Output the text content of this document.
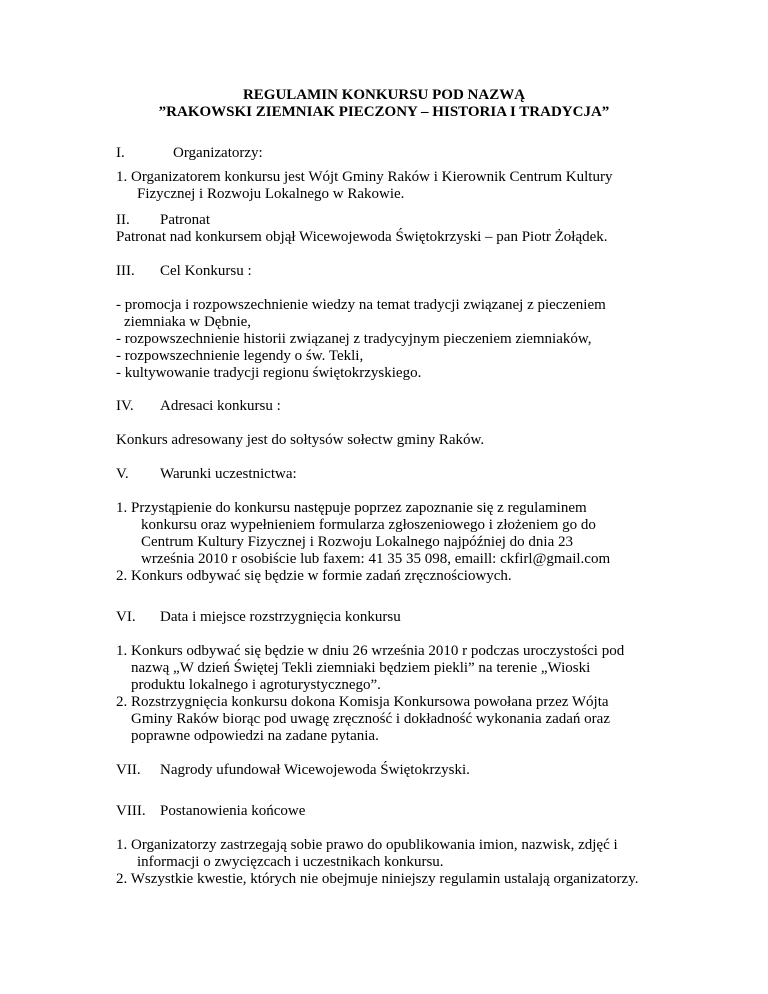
REGULAMIN KONKURSU POD NAZWĄ
”RAKOWSKI ZIEMNIAK PIECZONY – HISTORIA I TRADYCJA”
I.	Organizatorzy:
1. Organizatorem konkursu jest Wójt Gminy Raków i Kierownik Centrum Kultury
Fizycznej i Rozwoju Lokalnego w Rakowie.
II. Patronat
Patronat nad konkursem objął Wicewojewoda Świętokrzyski – pan Piotr Żołądek.
III. Cel Konkursu :
- promocja i rozpowszechnienie wiedzy na temat tradycji związanej z pieczeniem
ziemniaka w Dębnie,
- rozpowszechnienie historii związanej z tradycyjnym pieczeniem ziemniaków,
- rozpowszechnienie legendy o św. Tekli,
- kultywowanie tradycji regionu świętokrzyskiego.
IV. Adresaci konkursu :
Konkurs adresowany jest do sołtysów sołectw gminy Raków.
V. Warunki uczestnictwa:
1. Przystąpienie do konkursu następuje poprzez zapoznanie się z regulaminem
konkursu oraz wypełnieniem formularza zgłoszeniowego i złożeniem go do
Centrum Kultury Fizycznej i Rozwoju Lokalnego najpóźniej do dnia 23
września 2010 r osobiście lub faxem: 41 35 35 098, emaill: ckfirl@gmail.com
2. Konkurs odbywać się będzie w formie zadań zręcznościowych.
VI. Data i miejsce rozstrzygnięcia konkursu
1. Konkurs odbywać się będzie w dniu 26 września 2010 r podczas uroczystości pod
nazwą „W dzień Świętej Tekli ziemniaki będziem piekli” na terenie „Wioski
produktu lokalnego i agroturystycznego”.
2. Rozstrzygnięcia konkursu dokona Komisja Konkursowa powołana przez Wójta
Gminy Raków biorąc pod uwagę zręczność i dokładność wykonania zadań oraz
poprawne odpowiedzi na zadane pytania.
VII. Nagrody ufundował Wicewojewoda Świętokrzyski.
VIII. Postanowienia końcowe
1. Organizatorzy zastrzegają sobie prawo do opublikowania imion, nazwisk, zdjęć i
informacji o zwycięzcach i uczestnikach konkursu.
2. Wszystkie kwestie, których nie obejmuje niniejszy regulamin ustalają organizatorzy.
